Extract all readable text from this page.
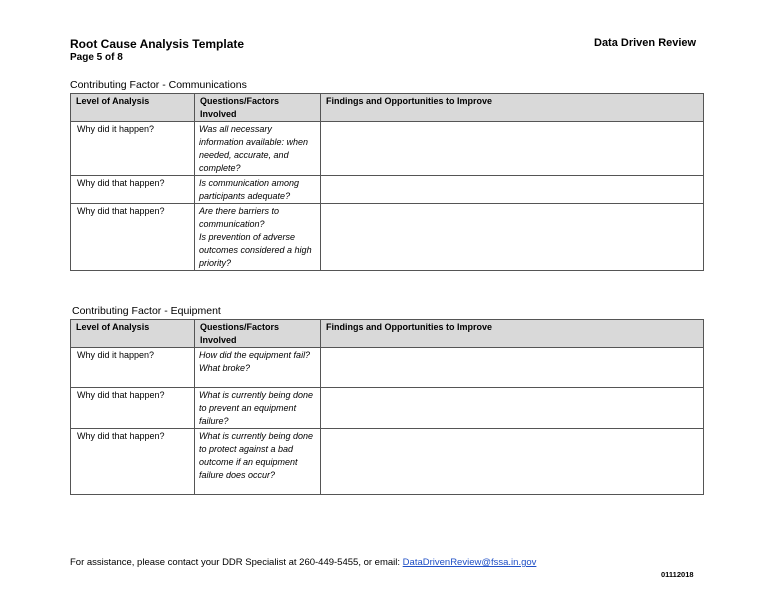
Root Cause Analysis Template
Page 5 of 8
Data Driven Review
Contributing Factor - Communications
Level of Analysis	Questions/Factors Involved	Findings and Opportunities to Improve
Why did it happen?	Was all necessary information available: when needed, accurate, and complete?	
Why did that happen?	Is communication among participants adequate?	
Why did that happen?	Are there barriers to communication?
Is prevention of adverse outcomes considered a high priority?	
Contributing Factor - Equipment
Level of Analysis	Questions/Factors Involved	Findings and Opportunities to Improve
Why did it happen?	How did the equipment fail?
What broke?	
Why did that happen?	What is currently being done to prevent an equipment failure?	
Why did that happen?	What is currently being done to protect against a bad outcome if an equipment failure does occur?	
For assistance, please contact your DDR Specialist at 260-449-5455, or email: DataDrivenReview@fssa.in.gov
01112018
